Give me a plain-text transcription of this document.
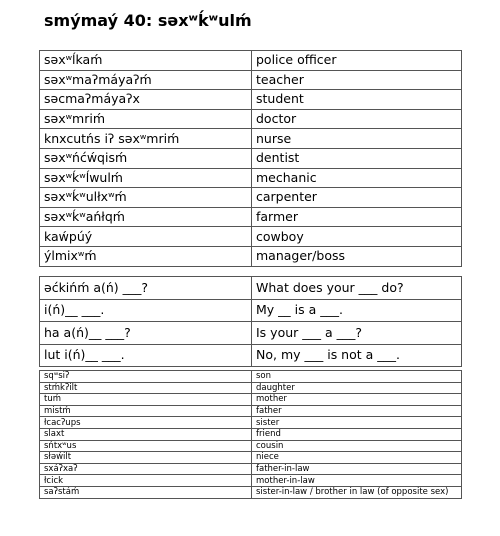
smýmaý 40: səxʷḱʷulḿ
səxʷĺkaḿ	police officer
səxʷmaʔmáyaʔḿ	teacher
səcmaʔmáyaʔx	student
səxʷmriḿ	doctor
knxcutńs iʔ səxʷmriḿ	nurse
səxʷńćẃqisḿ	dentist
səxʷḱʷĺwulḿ	mechanic
səxʷḱʷulłxʷḿ	carpenter
səxʷḱʷańłqḿ	farmer
kaẃpúý	cowboy
ýlmixʷḿ	manager/boss
əćkińḿ a(ń) ___?	What does your ___ do?
i(ń)__ ___.	My __ is a ___.
ha a(ń)__ ___?	Is your ___ a ___?
lut i(ń)__ ___.	No, my ___ is not a ___.
sqʷsiʔ	son
stḿḱʔilt	daughter
tuḿ	mother
mistḿ	father
łcacʔups	sister
slaxt	friend
sńtxʷus	cousin
słəẃilt	niece
sxáʔxaʔ	father-in-law
łcick	mother-in-law
saʔstáḿ	sister-in-law / brother in law (of opposite sex)
